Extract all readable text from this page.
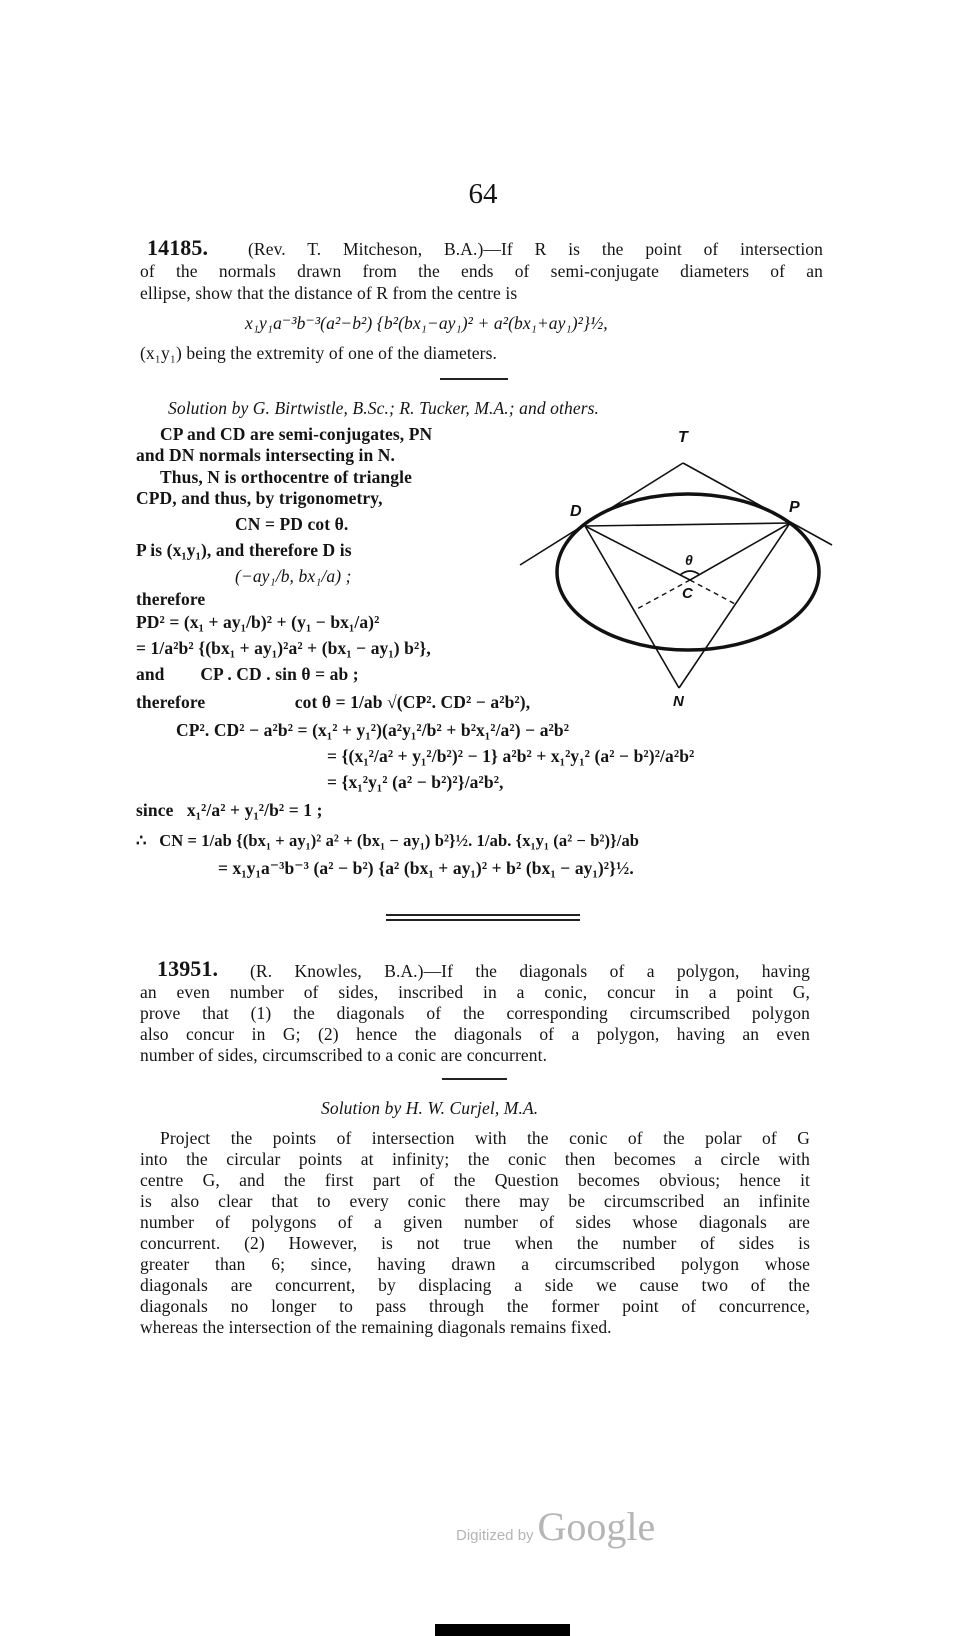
64
14185. (Rev. T. Mitcheson, B.A.)—If R is the point of intersection
of the normals drawn from the ends of semi-conjugate diameters of an
ellipse, show that the distance of R from the centre is
x₁y₁a⁻³b⁻³(a²−b²) {b²(bx₁−ay₁)² + a²(bx₁+ay₁)²}½,
(x₁y₁) being the extremity of one of the diameters.
Solution by G. Birtwistle, B.Sc.; R. Tucker, M.A.; and others.
CP and CD are semi-conjugates, PN
and DN normals intersecting in N.
Thus, N is orthocentre of triangle
CPD, and thus, by trigonometry,
CN = PD cot θ.
P is (x₁y₁), and therefore D is
(−ay₁/b, bx₁/a) ;
therefore
PD² = (x₁ + ay₁/b)² + (y₁ − bx₁/a)²
= 1/a²b² {(bx₁ + ay₁)²a² + (bx₁ − ay₁) b²},
and        CP . CD . sin θ = ab ;
therefore                    cot θ = 1/ab √(CP². CD² − a²b²),
CP². CD² − a²b² = (x₁² + y₁²)(a²y₁²/b² + b²x₁²/a²) − a²b²
= {(x₁²/a² + y₁²/b²)² − 1} a²b² + x₁²y₁² (a² − b²)²/a²b²
= {x₁²y₁² (a² − b²)²}/a²b²,
since   x₁²/a² + y₁²/b² = 1 ;
∴   CN = 1/ab {(bx₁ + ay₁)² a² + (bx₁ − ay₁) b²}½. 1/ab. {x₁y₁ (a² − b²)}/ab
= x₁y₁a⁻³b⁻³ (a² − b²) {a² (bx₁ + ay₁)² + b² (bx₁ − ay₁)²}½.
T
D	P
θ
C
N
13951. (R. Knowles, B.A.)—If the diagonals of a polygon, having
an even number of sides, inscribed in a conic, concur in a point G,
prove that (1) the diagonals of the corresponding circumscribed polygon
also concur in G; (2) hence the diagonals of a polygon, having an even
number of sides, circumscribed to a conic are concurrent.
Solution by H. W. Curjel, M.A.
Project the points of intersection with the conic of the polar of G
into the circular points at infinity; the conic then becomes a circle with
centre G, and the first part of the Question becomes obvious; hence it
is also clear that to every conic there may be circumscribed an infinite
number of polygons of a given number of sides whose diagonals are
concurrent. (2) However, is not true when the number of sides is
greater than 6; since, having drawn a circumscribed polygon whose
diagonals are concurrent, by displacing a side we cause two of the
diagonals no longer to pass through the former point of concurrence,
whereas the intersection of the remaining diagonals remains fixed.
Digitized by Google
